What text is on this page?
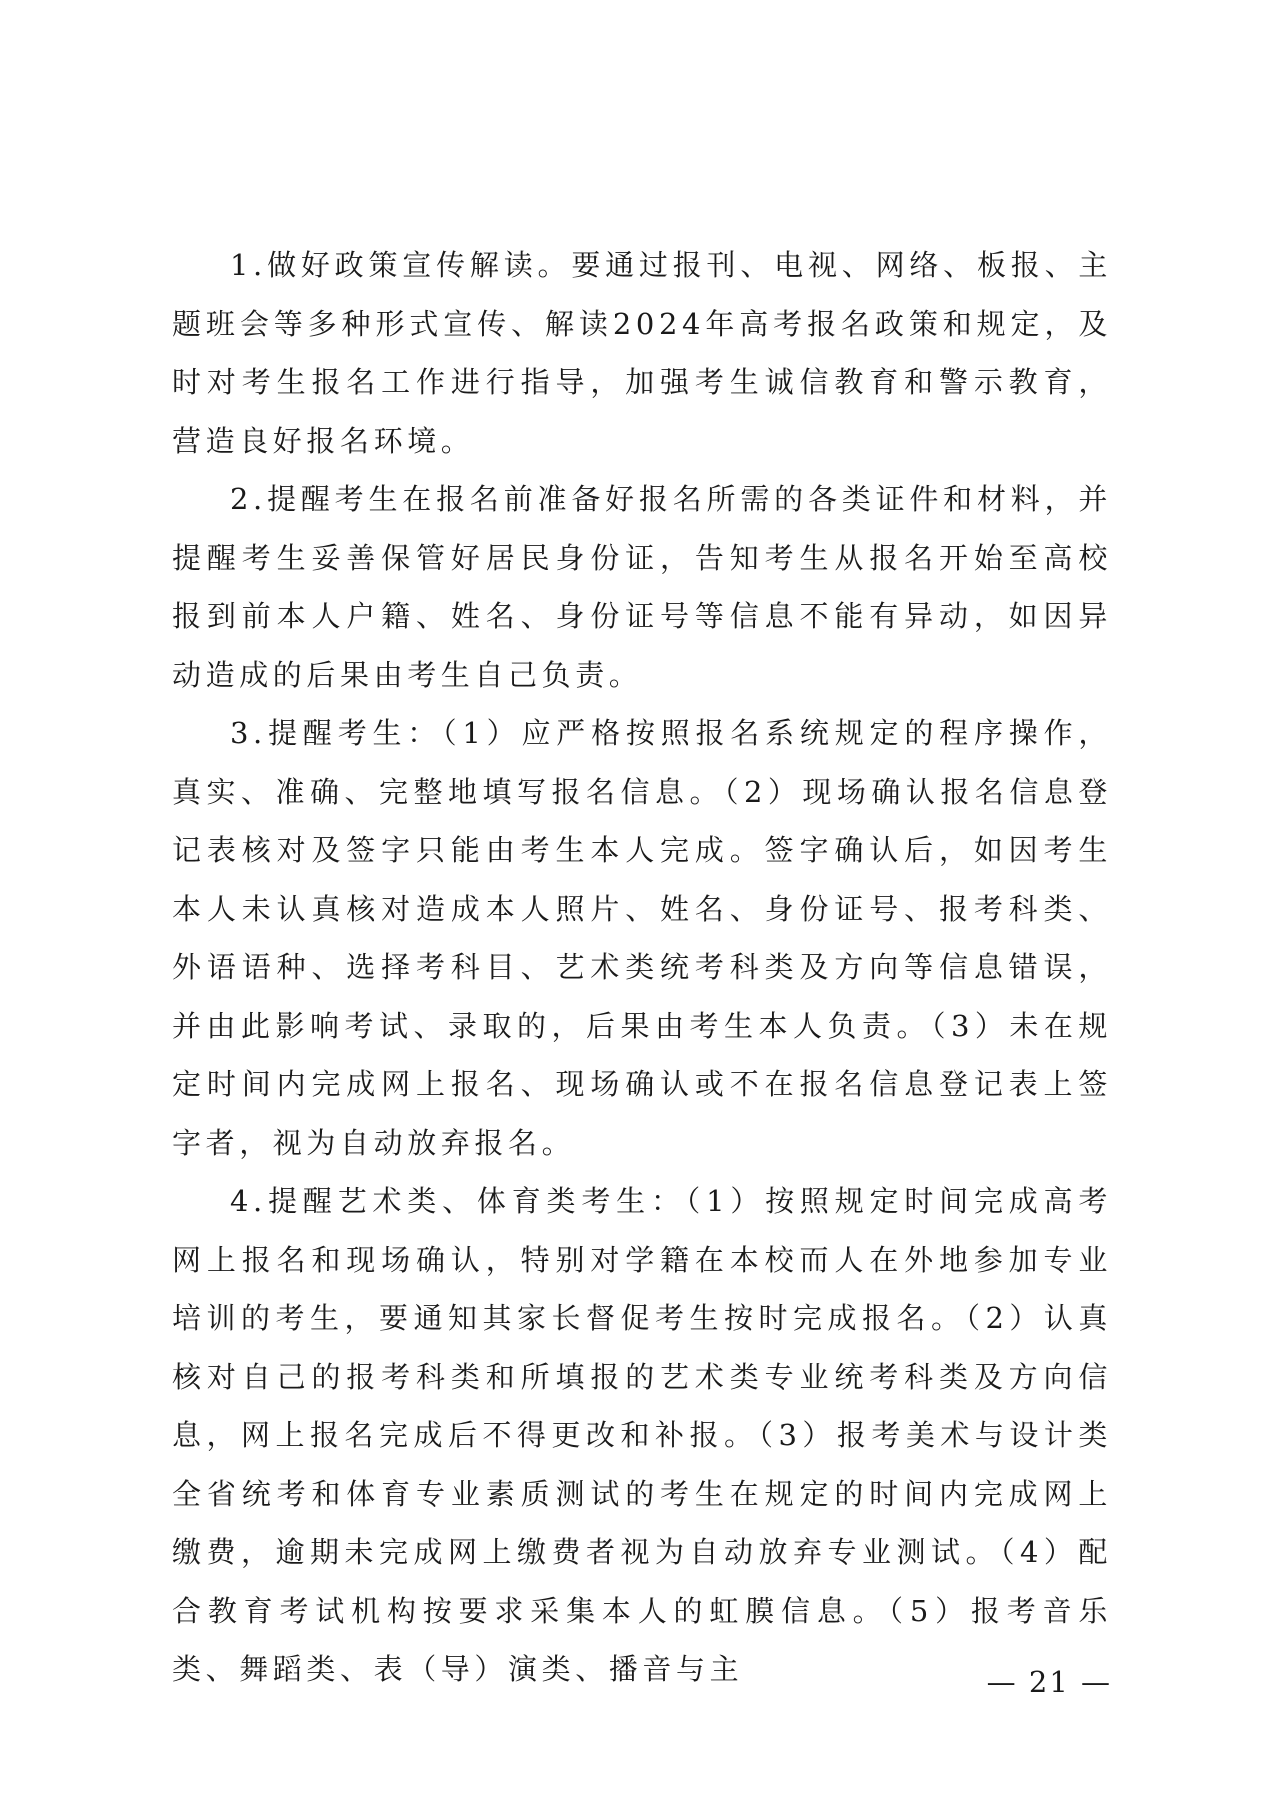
1.做好政策宣传解读。要通过报刊、电视、网络、板报、主题班会等多种形式宣传、解读2024年高考报名政策和规定，及时对考生报名工作进行指导，加强考生诚信教育和警示教育，营造良好报名环境。

2.提醒考生在报名前准备好报名所需的各类证件和材料，并提醒考生妥善保管好居民身份证，告知考生从报名开始至高校报到前本人户籍、姓名、身份证号等信息不能有异动，如因异动造成的后果由考生自己负责。

3.提醒考生：（1）应严格按照报名系统规定的程序操作，真实、准确、完整地填写报名信息。（2）现场确认报名信息登记表核对及签字只能由考生本人完成。签字确认后，如因考生本人未认真核对造成本人照片、姓名、身份证号、报考科类、外语语种、选择考科目、艺术类统考科类及方向等信息错误，并由此影响考试、录取的，后果由考生本人负责。（3）未在规定时间内完成网上报名、现场确认或不在报名信息登记表上签字者，视为自动放弃报名。

4.提醒艺术类、体育类考生：（1）按照规定时间完成高考网上报名和现场确认，特别对学籍在本校而人在外地参加专业培训的考生，要通知其家长督促考生按时完成报名。（2）认真核对自己的报考科类和所填报的艺术类专业统考科类及方向信息，网上报名完成后不得更改和补报。（3）报考美术与设计类全省统考和体育专业素质测试的考生在规定的时间内完成网上缴费，逾期未完成网上缴费者视为自动放弃专业测试。（4）配合教育考试机构按要求采集本人的虹膜信息。（5）报考音乐类、舞蹈类、表（导）演类、播音与主	— 21 —
